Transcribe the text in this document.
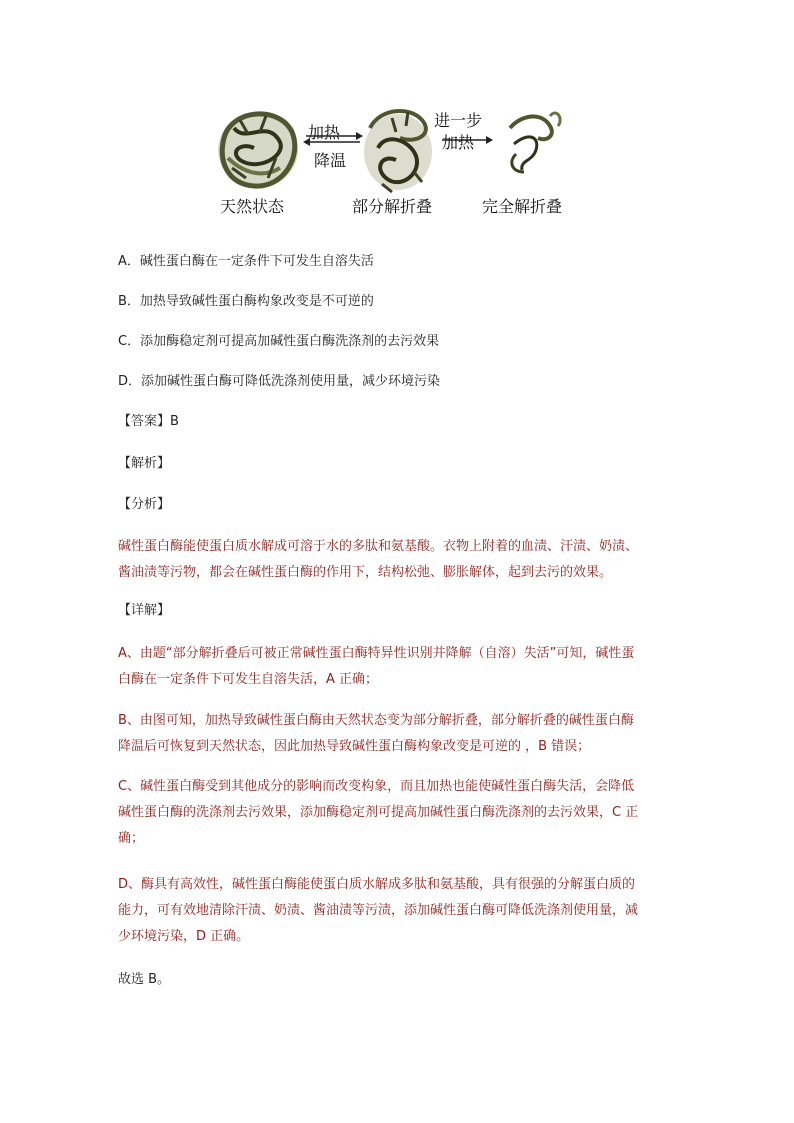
加热
降温
进一步
加热
天然状态	部分解折叠	完全解折叠
A．碱性蛋白酶在一定条件下可发生自溶失活
B．加热导致碱性蛋白酶构象改变是不可逆的
C．添加酶稳定剂可提高加碱性蛋白酶洗涤剂的去污效果
D．添加碱性蛋白酶可降低洗涤剂使用量，减少环境污染
【答案】B
【解析】
【分析】
碱性蛋白酶能使蛋白质水解成可溶于水的多肽和氨基酸。衣物上附着的血渍、汗渍、奶渍、
酱油渍等污物，都会在碱性蛋白酶的作用下，结构松弛、膨胀解体，起到去污的效果。
【详解】
A、由题“部分解折叠后可被正常碱性蛋白酶特异性识别并降解（自溶）失活”可知，碱性蛋
白酶在一定条件下可发生自溶失活，A 正确；
B、由图可知，加热导致碱性蛋白酶由天然状态变为部分解折叠，部分解折叠的碱性蛋白酶
降温后可恢复到天然状态，因此加热导致碱性蛋白酶构象改变是可逆的 ，B 错误；
C、碱性蛋白酶受到其他成分的影响而改变构象，而且加热也能使碱性蛋白酶失活，会降低
碱性蛋白酶的洗涤剂去污效果，添加酶稳定剂可提高加碱性蛋白酶洗涤剂的去污效果，C 正
确；
D、酶具有高效性，碱性蛋白酶能使蛋白质水解成多肽和氨基酸，具有很强的分解蛋白质的
能力，可有效地清除汗渍、奶渍、酱油渍等污渍，添加碱性蛋白酶可降低洗涤剂使用量，减
少环境污染，D 正确。
故选 B。
